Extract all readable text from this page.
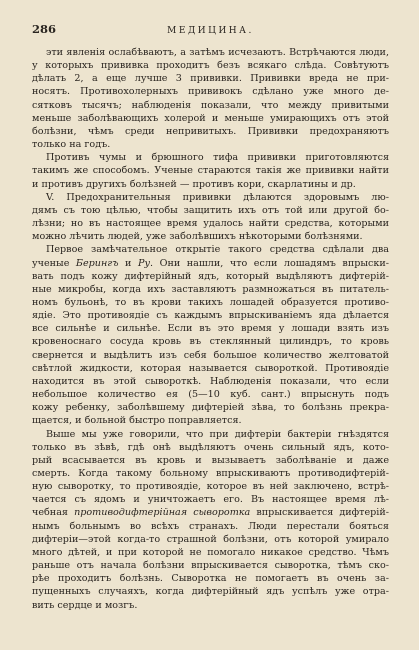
286	МЕДИЦИНА.
эти явленія ослабѣваютъ, а затѣмъ исчезаютъ. Встрѣчаются люди,
у которыхъ прививка проходитъ безъ всякаго слѣда. Совѣтуютъ
дѣлать 2, а еще лучше 3 прививки. Прививки вреда не при-
носятъ. Противохолерныхъ прививокъ сдѣлано уже много де-
сятковъ тысячъ; наблюденія показали, что между привитыми
меньше заболѣвающихъ холерой и меньше умирающихъ отъ этой
болѣзни, чѣмъ среди непривитыхъ. Прививки предохраняютъ
только на годъ.
Противъ чумы и брюшного тифа прививки приготовляются
такимъ же способомъ. Ученые стараются такія же прививки найти
и противъ другихъ болѣзней — противъ кори, скарлатины и др.
V. Предохранительныя прививки дѣлаются здоровымъ лю-
дямъ съ тою цѣлью, чтобы защитить ихъ отъ той или другой бо-
лѣзни; но въ настоящее время удалось найти средства, которыми
можно лѣчить людей, уже заболѣвшихъ нѣкоторыми болѣзнями.
Первое замѣчательное открытіе такого средства сдѣлали два
ученые Берингъ и Ру. Они нашли, что если лошадямъ впрыски-
вать подъ кожу дифтерійный ядъ, который выдѣляютъ дифтерій-
ные микробы, когда ихъ заставляютъ размножаться въ питатель-
номъ бульонѣ, то въ крови такихъ лошадей образуется противо-
ядіе. Это противоядіе съ каждымъ впрыскиваніемъ яда дѣлается
все сильнѣе и сильнѣе. Если въ это время у лошади взять изъ
кровеноснаго сосуда кровь въ стеклянный цилиндръ, то кровь
свернется и выдѣлитъ изъ себя большое количество желтоватой
свѣтлой жидкости, которая называется сывороткой. Противоядіе
находится въ этой сывороткѣ. Наблюденія показали, что если
небольшое количество ея (5—10 куб. сант.) впрыснуть подъ
кожу ребенку, заболѣвшему дифтеріей зѣва, то болѣзнь прекра-
щается, и больной быстро поправляется.
Выше мы уже говорили, что при дифтеріи бактеріи гнѣздятся
только въ зѣвѣ, гдѣ онѣ выдѣляютъ очень сильный ядъ, кото-
рый всасывается въ кровь и вызываетъ заболѣваніе и даже
смерть. Когда такому больному впрыскиваютъ противодифтерій-
ную сыворотку, то противоядіе, которое въ ней заключено, встрѣ-
чается съ ядомъ и уничтожаетъ его. Въ настоящее время лѣ-
чебная противодифтерійная сыворотка впрыскивается дифтерій-
нымъ больнымъ во всѣхъ странахъ. Люди перестали бояться
дифтеріи—этой когда-то страшной болѣзни, отъ которой умирало
много дѣтей, и при которой не помогало никакое средство. Чѣмъ
раньше отъ начала болѣзни впрыскивается сыворотка, тѣмъ ско-
рѣе проходитъ болѣзнь. Сыворотка не помогаетъ въ очень за-
пущенныхъ случаяхъ, когда дифтерійный ядъ успѣлъ уже отра-
вить сердце и мозгъ.
